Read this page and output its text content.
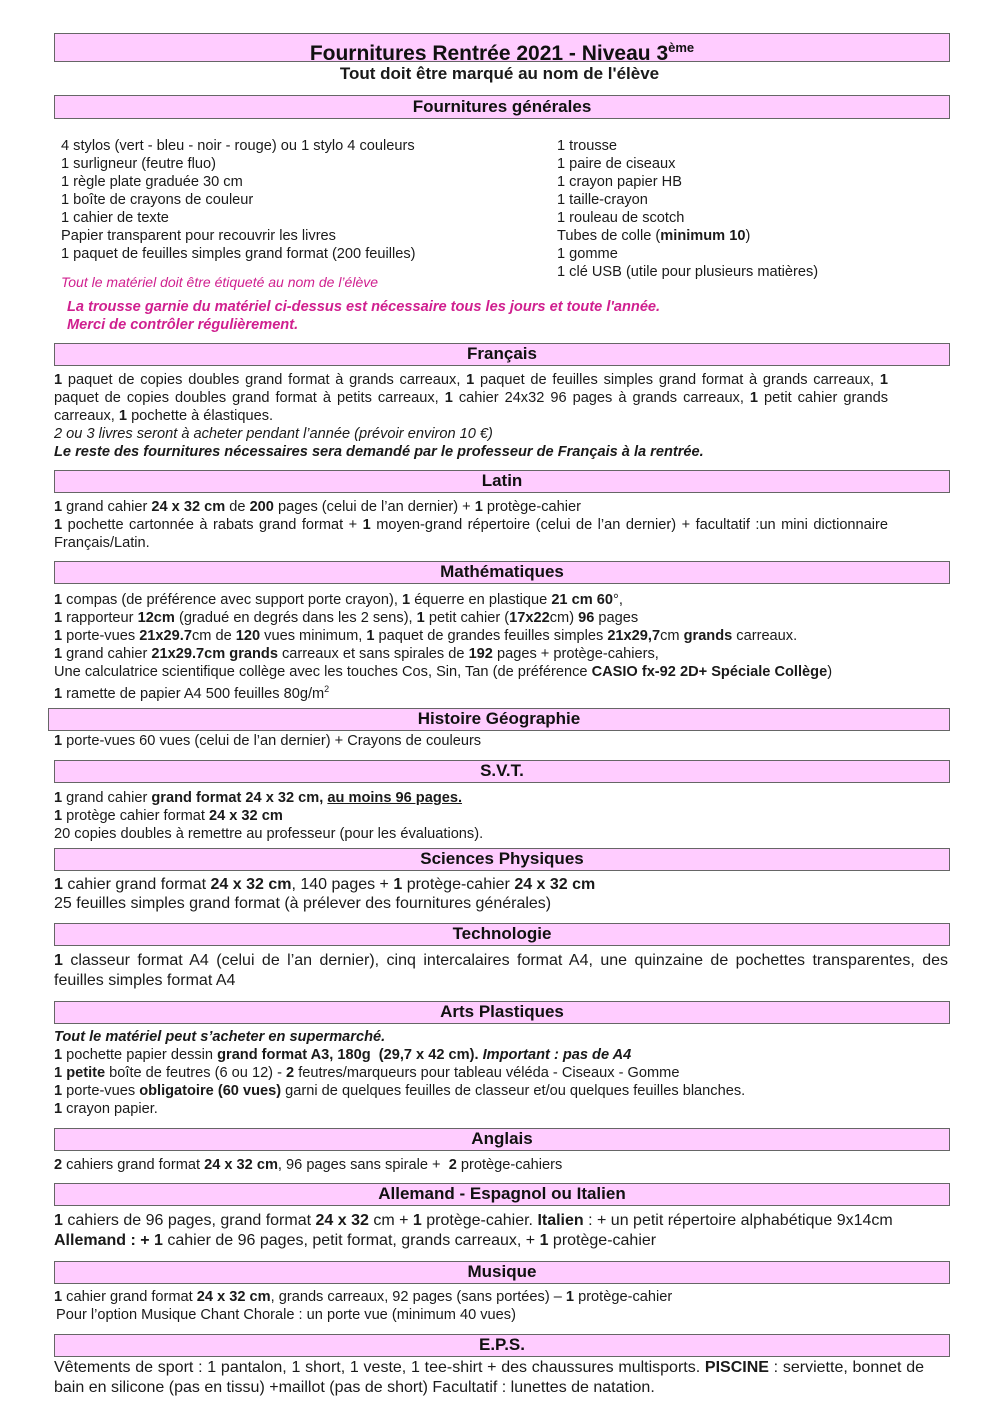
Fournitures Rentrée 2021 - Niveau 3ème
Tout doit être marqué au nom de l'élève
Fournitures générales
4 stylos (vert - bleu - noir - rouge) ou 1 stylo 4 couleurs
1 surligneur (feutre fluo)
1 règle plate graduée 30 cm
1 boîte de crayons de couleur
1 cahier de texte
Papier transparent pour recouvrir les livres
1 paquet de feuilles simples grand format (200 feuilles)
1 trousse
1 paire de ciseaux
1 crayon papier HB
1 taille-crayon
1 rouleau de scotch
Tubes de colle (minimum 10)
1 gomme
1 clé USB (utile pour plusieurs matières)
Tout le matériel doit être étiqueté au nom de l’élève
La trousse garnie du matériel ci-dessus est nécessaire tous les jours et toute l'année.
Merci de contrôler régulièrement.
Français
1 paquet de copies doubles grand format à grands carreaux, 1 paquet de feuilles simples grand format à grands carreaux, 1 paquet de copies doubles grand format à petits carreaux, 1 cahier 24x32 96 pages à grands carreaux, 1 petit cahier grands carreaux, 1 pochette à élastiques.
2 ou 3 livres seront à acheter pendant l’année (prévoir environ 10 €)
Le reste des fournitures nécessaires sera demandé par le professeur de Français à la rentrée.
Latin
1 grand cahier 24 x 32 cm de 200 pages (celui de l’an dernier) + 1 protège-cahier
1 pochette cartonnée à rabats grand format + 1 moyen-grand répertoire (celui de l’an dernier) + facultatif :un mini dictionnaire Français/Latin.
Mathématiques
1 compas (de préférence avec support porte crayon), 1 équerre en plastique 21 cm 60°,
1 rapporteur 12cm (gradué en degrés dans les 2 sens), 1 petit cahier (17x22cm) 96 pages
1 porte-vues 21x29.7cm de 120 vues minimum, 1 paquet de grandes feuilles simples 21x29,7cm grands carreaux.
1 grand cahier 21x29.7cm grands carreaux et sans spirales de 192 pages + protège-cahiers,
Une calculatrice scientifique collège avec les touches Cos, Sin, Tan (de préférence CASIO fx-92 2D+ Spéciale Collège)
1 ramette de papier A4 500 feuilles $80g/m^2$
Histoire Géographie
1 porte-vues 60 vues (celui de l’an dernier) + Crayons de couleurs
S.V.T.
1 grand cahier grand format 24 x 32 cm, au moins 96 pages.
1 protège cahier format 24 x 32 cm
20 copies doubles à remettre au professeur (pour les évaluations).
Sciences Physiques
1 cahier grand format 24 x 32 cm, 140 pages + 1 protège-cahier 24 x 32 cm
25 feuilles simples grand format (à prélever des fournitures générales)
Technologie
1 classeur format A4 (celui de l’an dernier), cinq intercalaires format A4, une quinzaine de pochettes transparentes, des feuilles simples format A4
Arts Plastiques
Tout le matériel peut s’acheter en supermarché.
1 pochette papier dessin grand format A3, 180g  (29,7 x 42 cm). Important : pas de A4
1 petite boîte de feutres (6 ou 12) - 2 feutres/marqueurs pour tableau véléda - Ciseaux - Gomme
1 porte-vues obligatoire (60 vues) garni de quelques feuilles de classeur et/ou quelques feuilles blanches.
1 crayon papier.
Anglais
2 cahiers grand format 24 x 32 cm, 96 pages sans spirale +  2 protège-cahiers
Allemand - Espagnol ou Italien
1 cahiers de 96 pages, grand format 24 x 32 cm + 1 protège-cahier. Italien : + un petit répertoire alphabétique 9x14cm
Allemand : + 1 cahier de 96 pages, petit format, grands carreaux, + 1 protège-cahier
Musique
1 cahier grand format 24 x 32 cm, grands carreaux, 92 pages (sans portées) – 1 protège-cahier
Pour l’option Musique Chant Chorale : un porte vue (minimum 40 vues)
E.P.S.
Vêtements de sport : 1 pantalon, 1 short, 1 veste, 1 tee-shirt + des chaussures multisports. PISCINE : serviette, bonnet de bain en silicone (pas en tissu) +maillot (pas de short) Facultatif : lunettes de natation.
